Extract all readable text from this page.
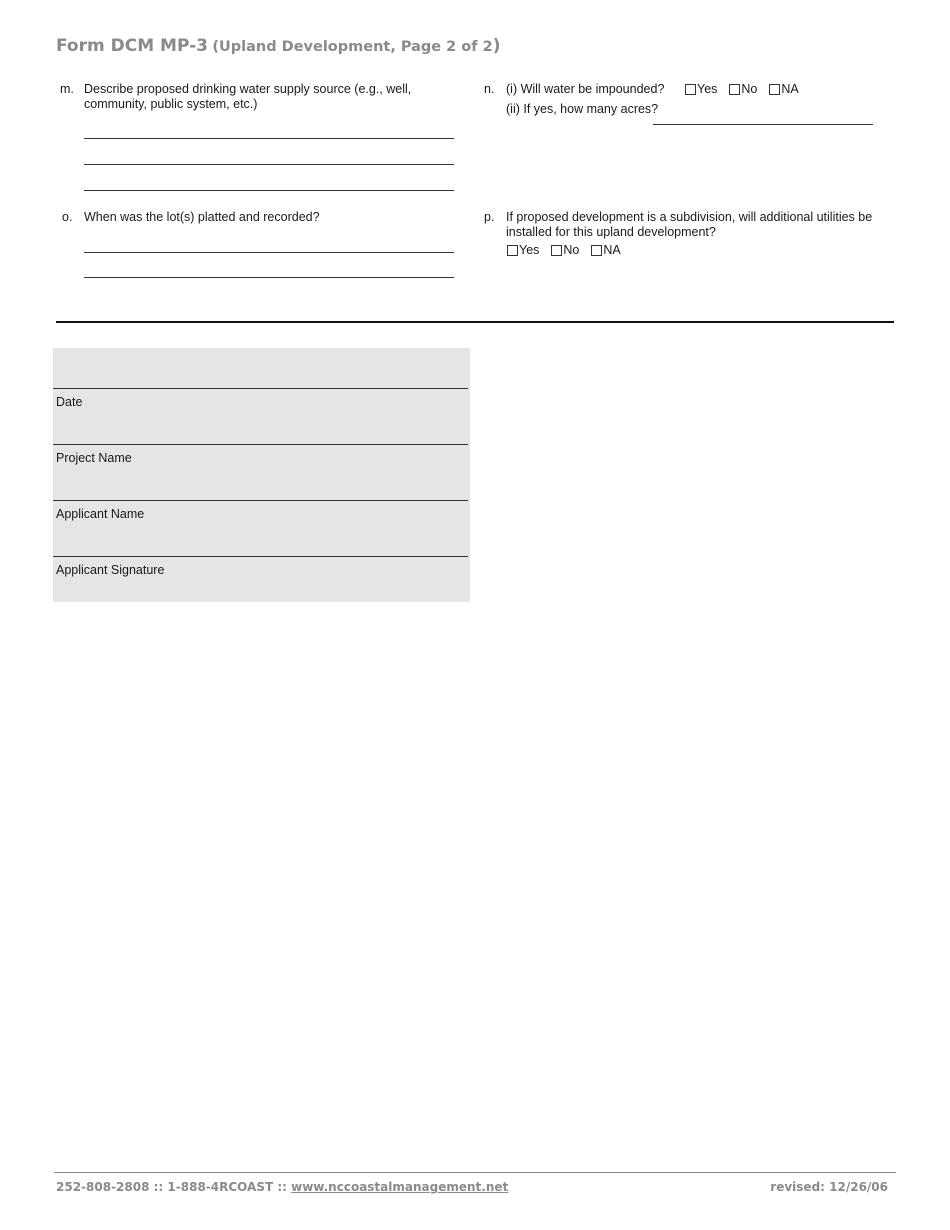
Form DCM MP-3 (Upland Development, Page 2 of 2)
m. Describe proposed drinking water supply source (e.g., well,
community, public system, etc.)
n. (i) Will water be impounded?	Yes No NA
(ii) If yes, how many acres?
o. When was the lot(s) platted and recorded?	p. If proposed development is a subdivision, will additional utilities be
installed for this upland development?
Yes No NA
Date
Project Name
Applicant Name
Applicant Signature
252-808-2808 :: 1-888-4RCOAST :: www.nccoastalmanagement.net	revised: 12/26/06
